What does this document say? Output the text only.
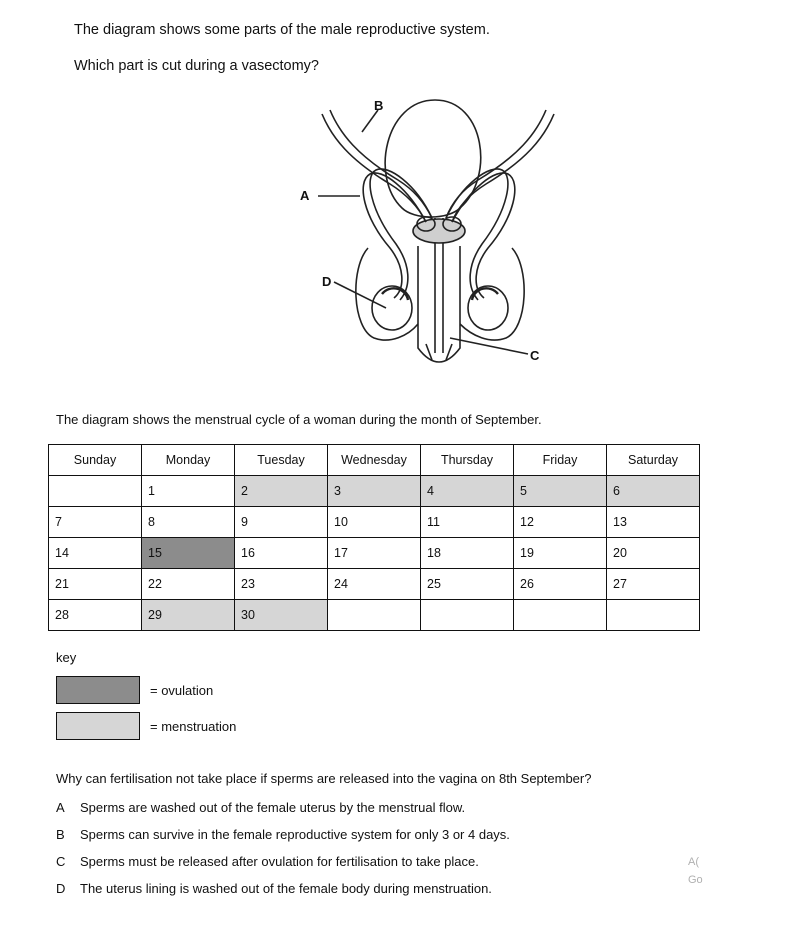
The diagram shows some parts of the male reproductive system.

Which part is cut during a vasectomy?

B
A
D
C
The diagram shows the menstrual cycle of a woman during the month of September.
Sunday	Monday	Tuesday	Wednesday	Thursday	Friday	Saturday
	1	2	3	4	5	6
7	8	9	10	11	12	13
14	15	16	17	18	19	20
21	22	23	24	25	26	27
28	29	30				
key
= ovulation
= menstruation
Why can fertilisation not take place if sperms are released into the vagina on 8th September?
A	Sperms are washed out of the female uterus by the menstrual flow.
B	Sperms can survive in the female reproductive system for only 3 or 4 days.
C	Sperms must be released after ovulation for fertilisation to take place.
D	The uterus lining is washed out of the female body during menstruation.
A(
Go
